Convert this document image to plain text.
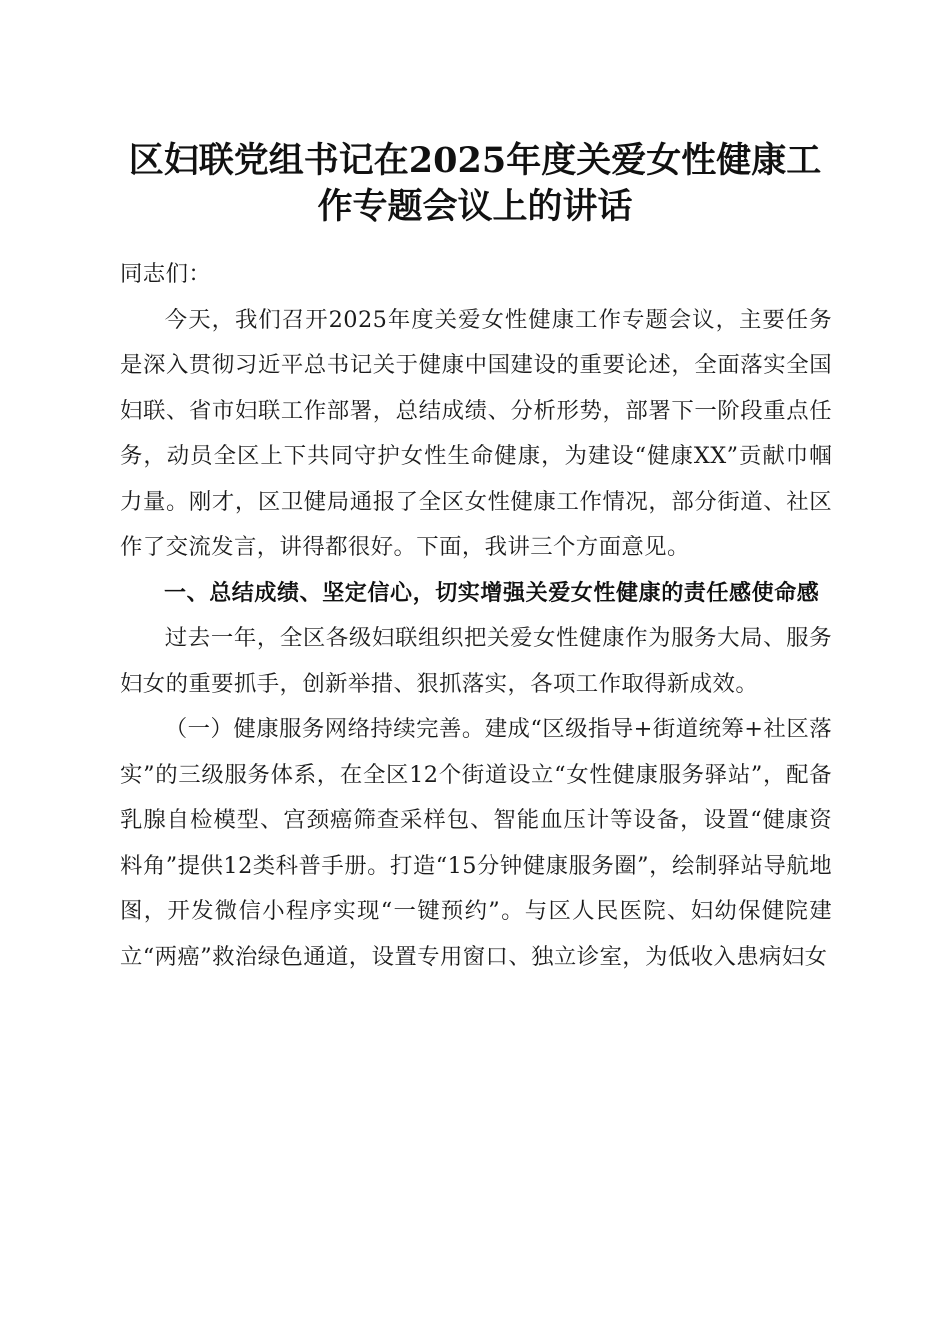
区妇联党组书记在2025年度关爱女性健康工
作专题会议上的讲话

同志们：

今天，我们召开2025年度关爱女性健康工作专题会议，主要任务是深入贯彻习近平总书记关于健康中国建设的重要论述，全面落实全国妇联、省市妇联工作部署，总结成绩、分析形势，部署下一阶段重点任务，动员全区上下共同守护女性生命健康，为建设“健康XX”贡献巾帼力量。刚才，区卫健局通报了全区女性健康工作情况，部分街道、社区作了交流发言，讲得都很好。下面，我讲三个方面意见。

一、总结成绩、坚定信心，切实增强关爱女性健康的责任感使命感

过去一年，全区各级妇联组织把关爱女性健康作为服务大局、服务妇女的重要抓手，创新举措、狠抓落实，各项工作取得新成效。

（一）健康服务网络持续完善。建成“区级指导+街道统筹+社区落实”的三级服务体系，在全区12个街道设立“女性健康服务驿站”，配备乳腺自检模型、宫颈癌筛查采样包、智能血压计等设备，设置“健康资料角”提供12类科普手册。打造“15分钟健康服务圈”，绘制驿站导航地图，开发微信小程序实现“一键预约”。与区人民医院、妇幼保健院建立“两癌”救治绿色通道，设置专用窗口、独立诊室，为低收入患病妇女
